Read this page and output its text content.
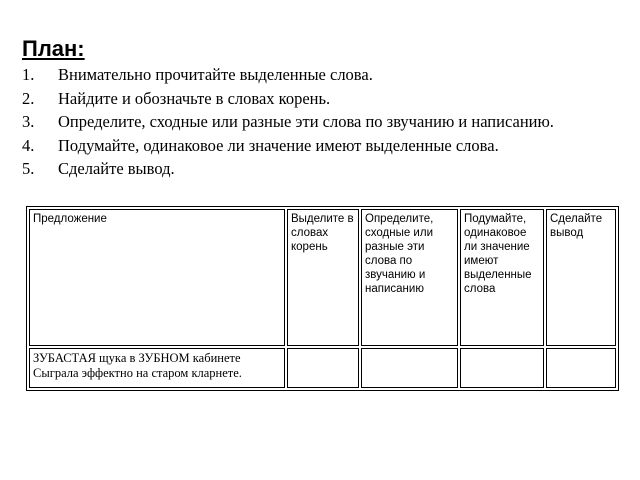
План:
1. Внимательно прочитайте выделенные слова.
2. Найдите и обозначьте в словах корень.
3. Определите, сходные или разные эти слова по звучанию и написанию.
4. Подумайте, одинаковое ли значение имеют выделенные слова.
5. Сделайте вывод.
Предложение	Выделите в словах корень	Определите, сходные или разные эти слова по звучанию и написанию	Подумайте, одинаковое ли значение имеют выделенные слова	Сделайте вывод

ЗУБАСТАЯ щука в ЗУБНОМ кабинете
Сыграла эффектно на старом кларнете.				
